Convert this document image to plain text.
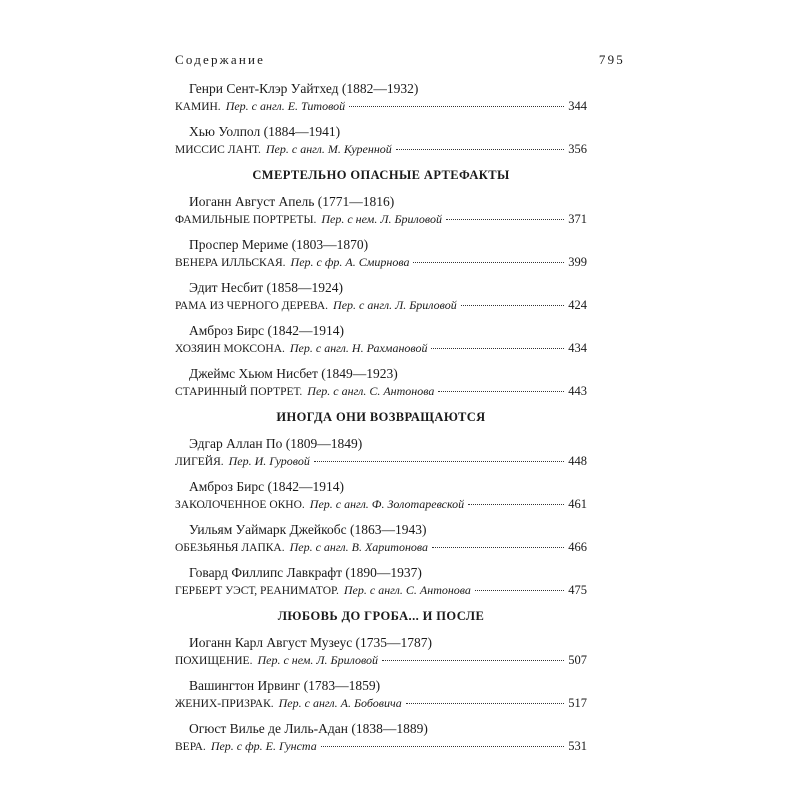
Содержание	795
Генри Сент-Клэр Уайтхед (1882—1932)
КАМИН. Пер. с англ. Е. Титовой	344
Хью Уолпол (1884—1941)
МИССИС ЛАНТ. Пер. с англ. М. Куренной	356
СМЕРТЕЛЬНО ОПАСНЫЕ АРТЕФАКТЫ
Иоганн Август Апель (1771—1816)
ФАМИЛЬНЫЕ ПОРТРЕТЫ. Пер. с нем. Л. Бриловой	371
Проспер Мериме (1803—1870)
ВЕНЕРА ИЛЛЬСКАЯ. Пер. с фр. А. Смирнова	399
Эдит Несбит (1858—1924)
РАМА ИЗ ЧЕРНОГО ДЕРЕВА. Пер. с англ. Л. Бриловой	424
Амброз Бирс (1842—1914)
ХОЗЯИН МОКСОНА. Пер. с англ. Н. Рахмановой	434
Джеймс Хьюм Нисбет (1849—1923)
СТАРИННЫЙ ПОРТРЕТ. Пер. с англ. С. Антонова	443
ИНОГДА ОНИ ВОЗВРАЩАЮТСЯ
Эдгар Аллан По (1809—1849)
ЛИГЕЙЯ. Пер. И. Гуровой	448
Амброз Бирс (1842—1914)
ЗАКОЛОЧЕННОЕ ОКНО. Пер. с англ. Ф. Золотаревской	461
Уильям Уаймарк Джейкобс (1863—1943)
ОБЕЗЬЯНЬЯ ЛАПКА. Пер. с англ. В. Харитонова	466
Говард Филлипс Лавкрафт (1890—1937)
ГЕРБЕРТ УЭСТ, РЕАНИМАТОР. Пер. с англ. С. Антонова	475
ЛЮБОВЬ ДО ГРОБА... И ПОСЛЕ
Иоганн Карл Август Музеус (1735—1787)
ПОХИЩЕНИЕ. Пер. с нем. Л. Бриловой	507
Вашингтон Ирвинг (1783—1859)
ЖЕНИХ-ПРИЗРАК. Пер. с англ. А. Бобовича	517
Огюст Вилье де Лиль-Адан (1838—1889)
ВЕРА. Пер. с фр. Е. Гунста	531
